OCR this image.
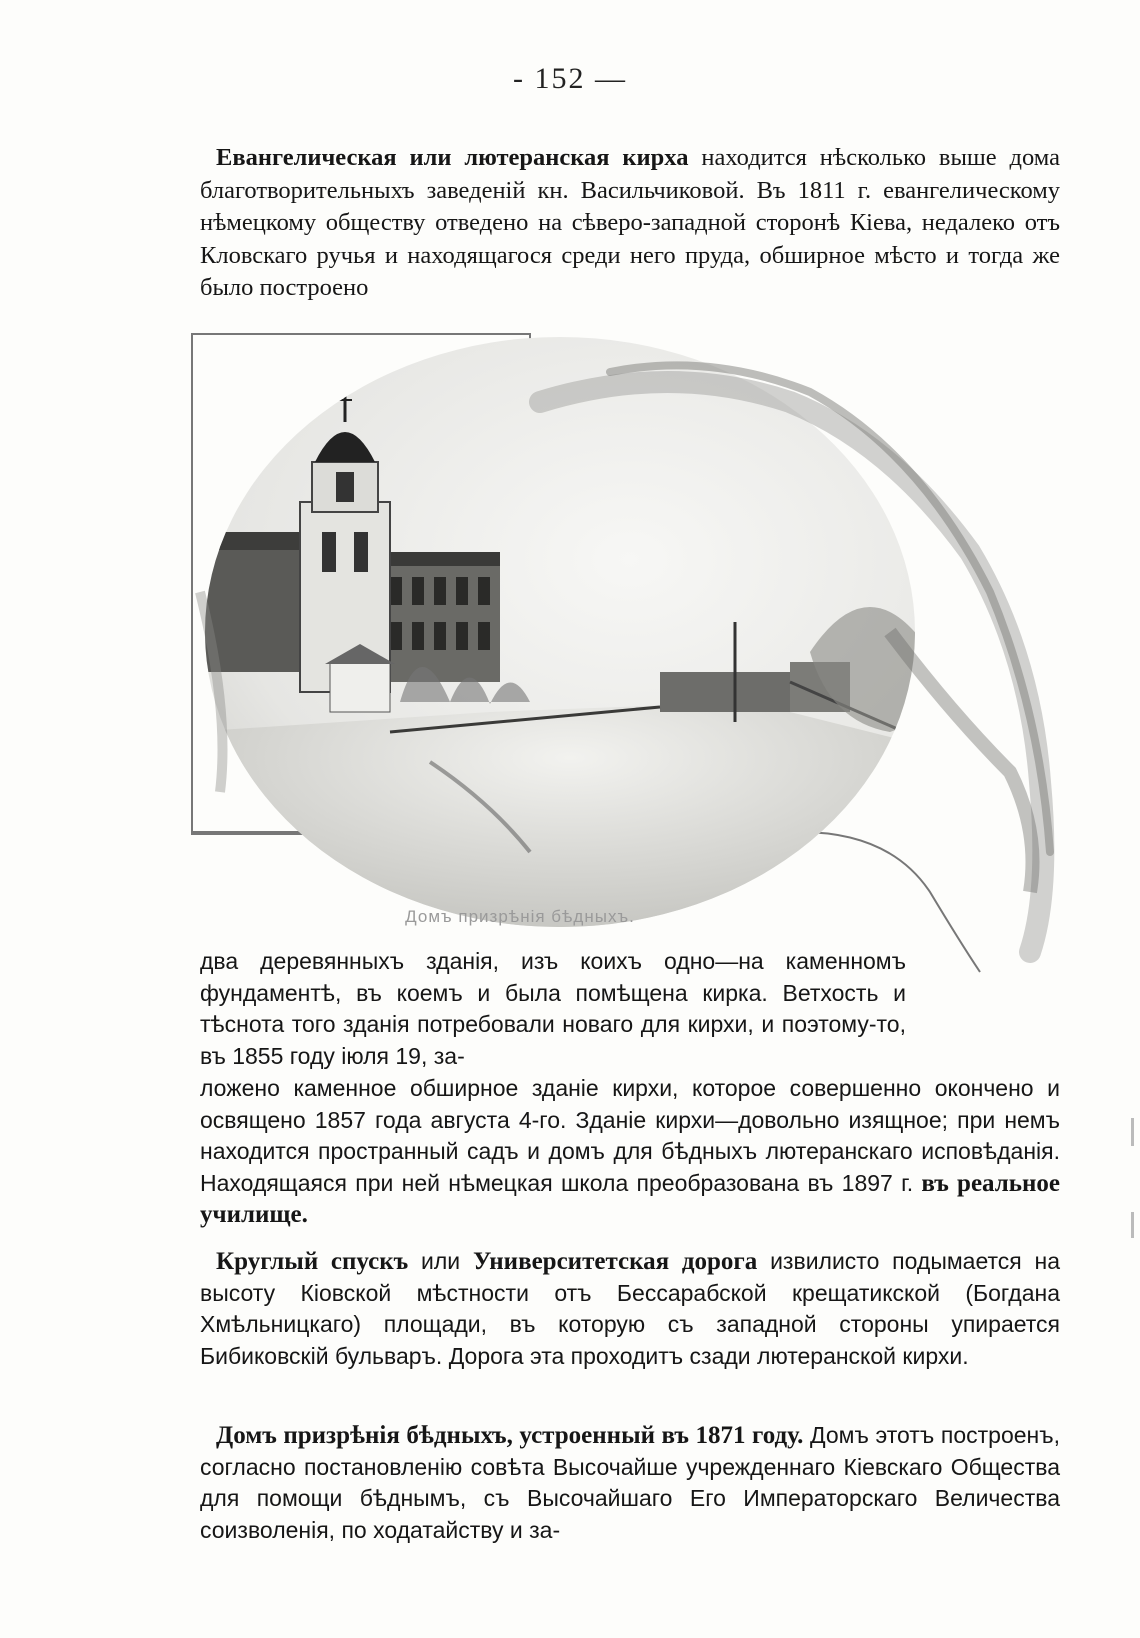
- 152 —

Евангелическая или лютеранская кирха находится нѣсколько выше дома благотворительныхъ заведеній кн. Васильчиковой. Въ 1811 г. евангелическому нѣмецкому обществу отведено на сѣверо-западной сторонѣ Кіева, недалеко отъ Кловскаго ручья и находящагося среди него пруда, обширное мѣсто и тогда же было построено

Домъ призрѣнія бѣдныхъ.

два деревянныхъ зданія, изъ коихъ одно—на каменномъ фундаментѣ, въ коемъ и была помѣщена кирка. Ветхость и тѣснота того зданія потребовали новаго для кирхи, и поэтому-то, въ 1855 году іюля 19, за-

ложено каменное обширное зданіе кирхи, которое совершенно окончено и освящено 1857 года августа 4-го. Зданіе кирхи—довольно изящное; при немъ находится пространный садъ и домъ для бѣдныхъ лютеранскаго исповѣданія. Находящаяся при ней нѣмецкая школа преобразована въ 1897 г. въ реальное училище.

Круглый спускъ или Университетская дорога извилисто подымается на высоту Кіовской мѣстности отъ Бессарабской крещатикской (Богдана Хмѣльницкаго) площади, въ которую съ западной стороны упирается Бибиковскій бульваръ. Дорога эта проходитъ сзади лютеранской кирхи.

Домъ призрѣнія бѣдныхъ, устроенный въ 1871 году. Домъ этотъ построенъ, согласно постановленію совѣта Высочайше учрежденнаго Кіевскаго Общества для помощи бѣднымъ, съ Высочайшаго Его Императорскаго Величества соизволенія, по ходатайству и за-
